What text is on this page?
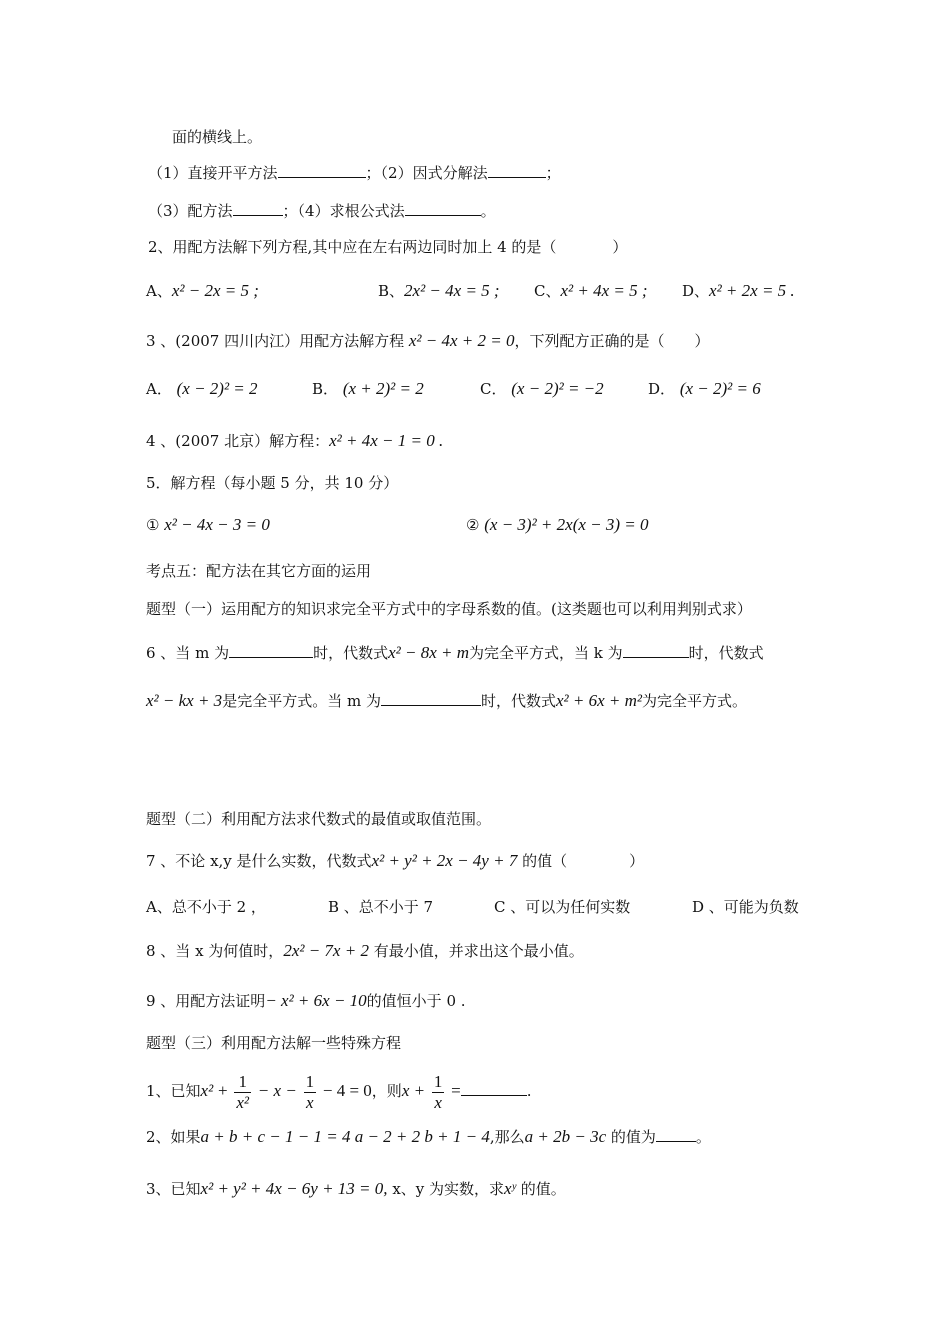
面的横线上。
（1）直接开平方法	；（2）因式分解法	；
（3）配方法	；（4）求根公式法	。
2、用配方法解下列方程,其中应在左右两边同时加上 4 的是（	）
A、x² − 2x = 5 ;	B、2x² − 4x = 5 ; C、x² + 4x = 5 ; D、x² + 2x = 5 .
3 、(2007 四川内江）用配方法解方程 x² − 4x + 2 = 0，下列配方正确的是（ ）
A． (x − 2)² = 2	B． (x + 2)² = 2	C． (x − 2)² = −2	D． (x − 2)² = 6
4 、(2007 北京）解方程：x² + 4x − 1 = 0 .
5．解方程（每小题 5 分，共 10 分）
① x² − 4x − 3 = 0	② (x − 3)² + 2x(x − 3) = 0
考点五：配方法在其它方面的运用
题型（一）运用配方的知识求完全平方式中的字母系数的值。(这类题也可以利用判别式求）
6 、当 m 为	时，代数式x² − 8x + m为完全平方式，当 k 为	时，代数式
x² − kx + 3是完全平方式。当 m 为	时，代数式x² + 6x + m²为完全平方式。
题型（二）利用配方法求代数式的最值或取值范围。
7 、不论 x,y 是什么实数，代数式x² + y² + 2x − 4y + 7 的值（	）
A、总不小于 2 ，	B 、总不小于 7	C 、可以为任何实数	D 、可能为负数
8 、当 x 为何值时，2x² − 7x + 2 有最小值，并求出这个最小值。
9 、用配方法证明− x² + 6x − 10的值恒小于 0 .
题型（三）利用配方法解一些特殊方程
1、已知$x^2 + \frac{1}{\text{x²}} - x - \frac{1}{x} - 4 = 0$，则$x + \frac{1}{x}$ =	.
2、如果a + b + c − 1 − 1 = 4 a − 2 + 2 b + 1 − 4,那么a + 2b − 3c 的值为	。
3、已知x² + y² + 4x − 6y + 13 = 0, x、y 为实数，求xʸ 的值。
